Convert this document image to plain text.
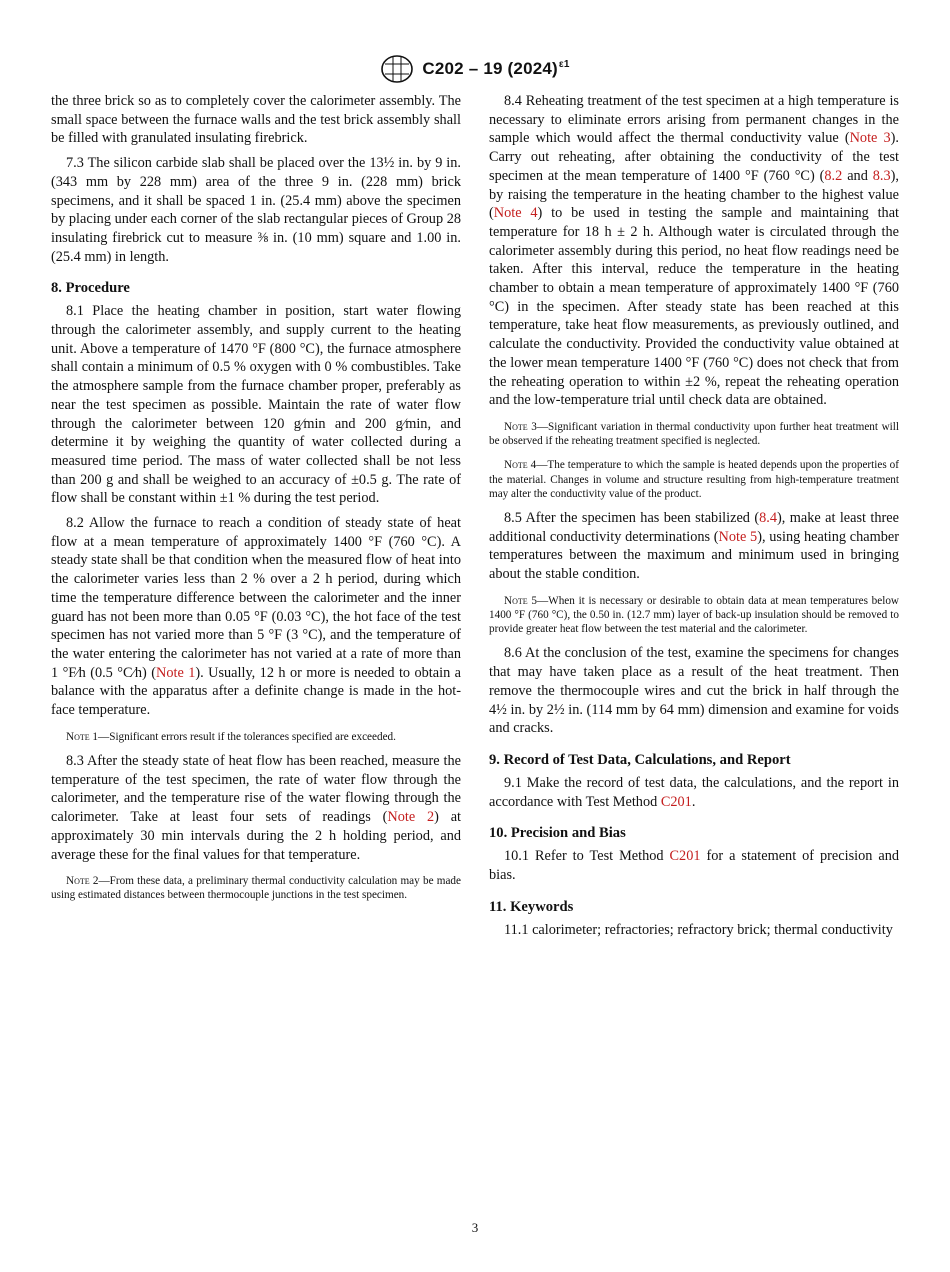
C202 – 19 $(2024)^{\varepsilon 1}$

the three brick so as to completely cover the calorimeter assembly. The small space between the furnace walls and the test brick assembly shall be filled with granulated insulating firebrick.

7.3 The silicon carbide slab shall be placed over the 13½ in. by 9 in. (343 mm by 228 mm) area of the three 9 in. (228 mm) brick specimens, and it shall be spaced 1 in. (25.4 mm) above the specimen by placing under each corner of the slab rectangular pieces of Group 28 insulating firebrick cut to measure ⅜ in. (10 mm) square and 1.00 in. (25.4 mm) in length.

8. Procedure

8.1 Place the heating chamber in position, start water flowing through the calorimeter assembly, and supply current to the heating unit. Above a temperature of 1470 °F (800 °C), the furnace atmosphere shall contain a minimum of 0.5 % oxygen with 0 % combustibles. Take the atmosphere sample from the furnace chamber proper, preferably as near the test specimen as possible. Maintain the rate of water flow through the calorimeter between 120 g⁄min and 200 g⁄min, and determine it by weighing the quantity of water collected during a measured time period. The mass of water collected shall be not less than 200 g and shall be weighed to an accuracy of ±0.5 g. The rate of flow shall be constant within ±1 % during the test period.

8.2 Allow the furnace to reach a condition of steady state of heat flow at a mean temperature of approximately 1400 °F (760 °C). A steady state shall be that condition when the measured flow of heat into the calorimeter varies less than 2 % over a 2 h period, during which time the temperature difference between the calorimeter and the inner guard has not been more than 0.05 °F (0.03 °C), the hot face of the test specimen has not varied more than 5 °F (3 °C), and the temperature of the water entering the calorimeter has not varied at a rate of more than 1 °F⁄h (0.5 °C⁄h) (Note 1). Usually, 12 h or more is needed to obtain a balance with the apparatus after a definite change is made in the hot-face temperature.

Note 1—Significant errors result if the tolerances specified are exceeded.

8.3 After the steady state of heat flow has been reached, measure the temperature of the test specimen, the rate of water flow through the calorimeter, and the temperature rise of the water flowing through the calorimeter. Take at least four sets of readings (Note 2) at approximately 30 min intervals during the 2 h holding period, and average these for the final values for that temperature.

Note 2—From these data, a preliminary thermal conductivity calculation may be made using estimated distances between thermocouple junctions in the test specimen.

8.4 Reheating treatment of the test specimen at a high temperature is necessary to eliminate errors arising from permanent changes in the sample which would affect the thermal conductivity value (Note 3). Carry out reheating, after obtaining the conductivity of the test specimen at the mean temperature of 1400 °F (760 °C) (8.2 and 8.3), by raising the temperature in the heating chamber to the highest value (Note 4) to be used in testing the sample and maintaining that temperature for 18 h ± 2 h. Although water is circulated through the calorimeter assembly during this period, no heat flow readings need be taken. After this interval, reduce the temperature in the heating chamber to obtain a mean temperature of approximately 1400 °F (760 °C) in the specimen. After steady state has been reached at this temperature, take heat flow measurements, as previously outlined, and calculate the conductivity. Provided the conductivity value obtained at the lower mean temperature 1400 °F (760 °C) does not check that from the reheating operation to within ±2 %, repeat the reheating operation and the low-temperature trial until check data are obtained.

Note 3—Significant variation in thermal conductivity upon further heat treatment will be observed if the reheating treatment specified is neglected.

Note 4—The temperature to which the sample is heated depends upon the properties of the material. Changes in volume and structure resulting from high-temperature treatment may alter the conductivity value of the product.

8.5 After the specimen has been stabilized (8.4), make at least three additional conductivity determinations (Note 5), using heating chamber temperatures between the maximum and minimum used in bringing about the stable condition.

Note 5—When it is necessary or desirable to obtain data at mean temperatures below 1400 °F (760 °C), the 0.50 in. (12.7 mm) layer of back-up insulation should be removed to provide greater heat flow between the test material and the calorimeter.

8.6 At the conclusion of the test, examine the specimens for changes that may have taken place as a result of the heat treatment. Then remove the thermocouple wires and cut the brick in half through the 4½ in. by 2½ in. (114 mm by 64 mm) dimension and examine for voids and cracks.

9. Record of Test Data, Calculations, and Report

9.1 Make the record of test data, the calculations, and the report in accordance with Test Method C201.

10. Precision and Bias

10.1 Refer to Test Method C201 for a statement of precision and bias.

11. Keywords

11.1 calorimeter; refractories; refractory brick; thermal conductivity

3
